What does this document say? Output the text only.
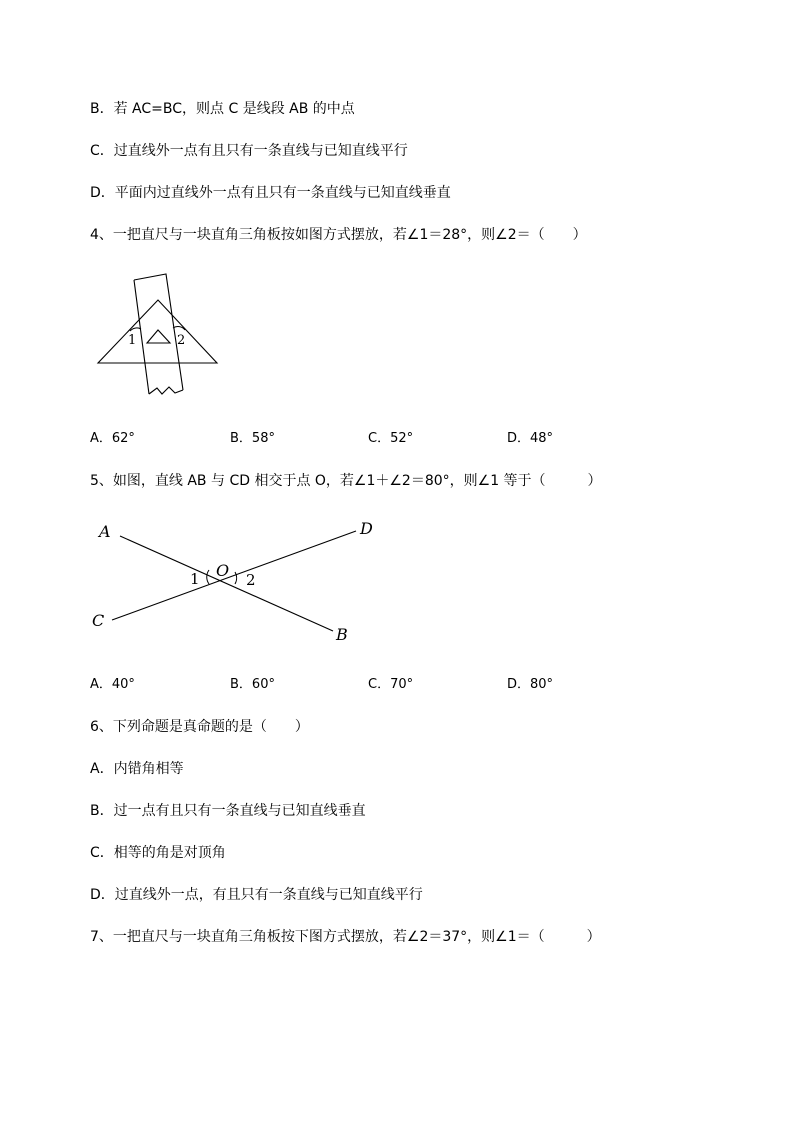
B．若 AC=BC，则点 C 是线段 AB 的中点
C．过直线外一点有且只有一条直线与已知直线平行
D．平面内过直线外一点有且只有一条直线与已知直线垂直
4、一把直尺与一块直角三角板按如图方式摆放，若∠1＝28°，则∠2＝（　　）
1	2
A．62°	B．58°	C．52°	D．48°
5、如图，直线 AB 与 CD 相交于点 O，若∠1＋∠2＝80°，则∠1 等于（　　　）
A
B
C
D
O
1	2
A．40°	B．60°	C．70°	D．80°
6、下列命题是真命题的是（　　）
A．内错角相等
B．过一点有且只有一条直线与已知直线垂直
C．相等的角是对顶角
D．过直线外一点，有且只有一条直线与已知直线平行
7、一把直尺与一块直角三角板按下图方式摆放，若∠2＝37°，则∠1＝（　　　）
